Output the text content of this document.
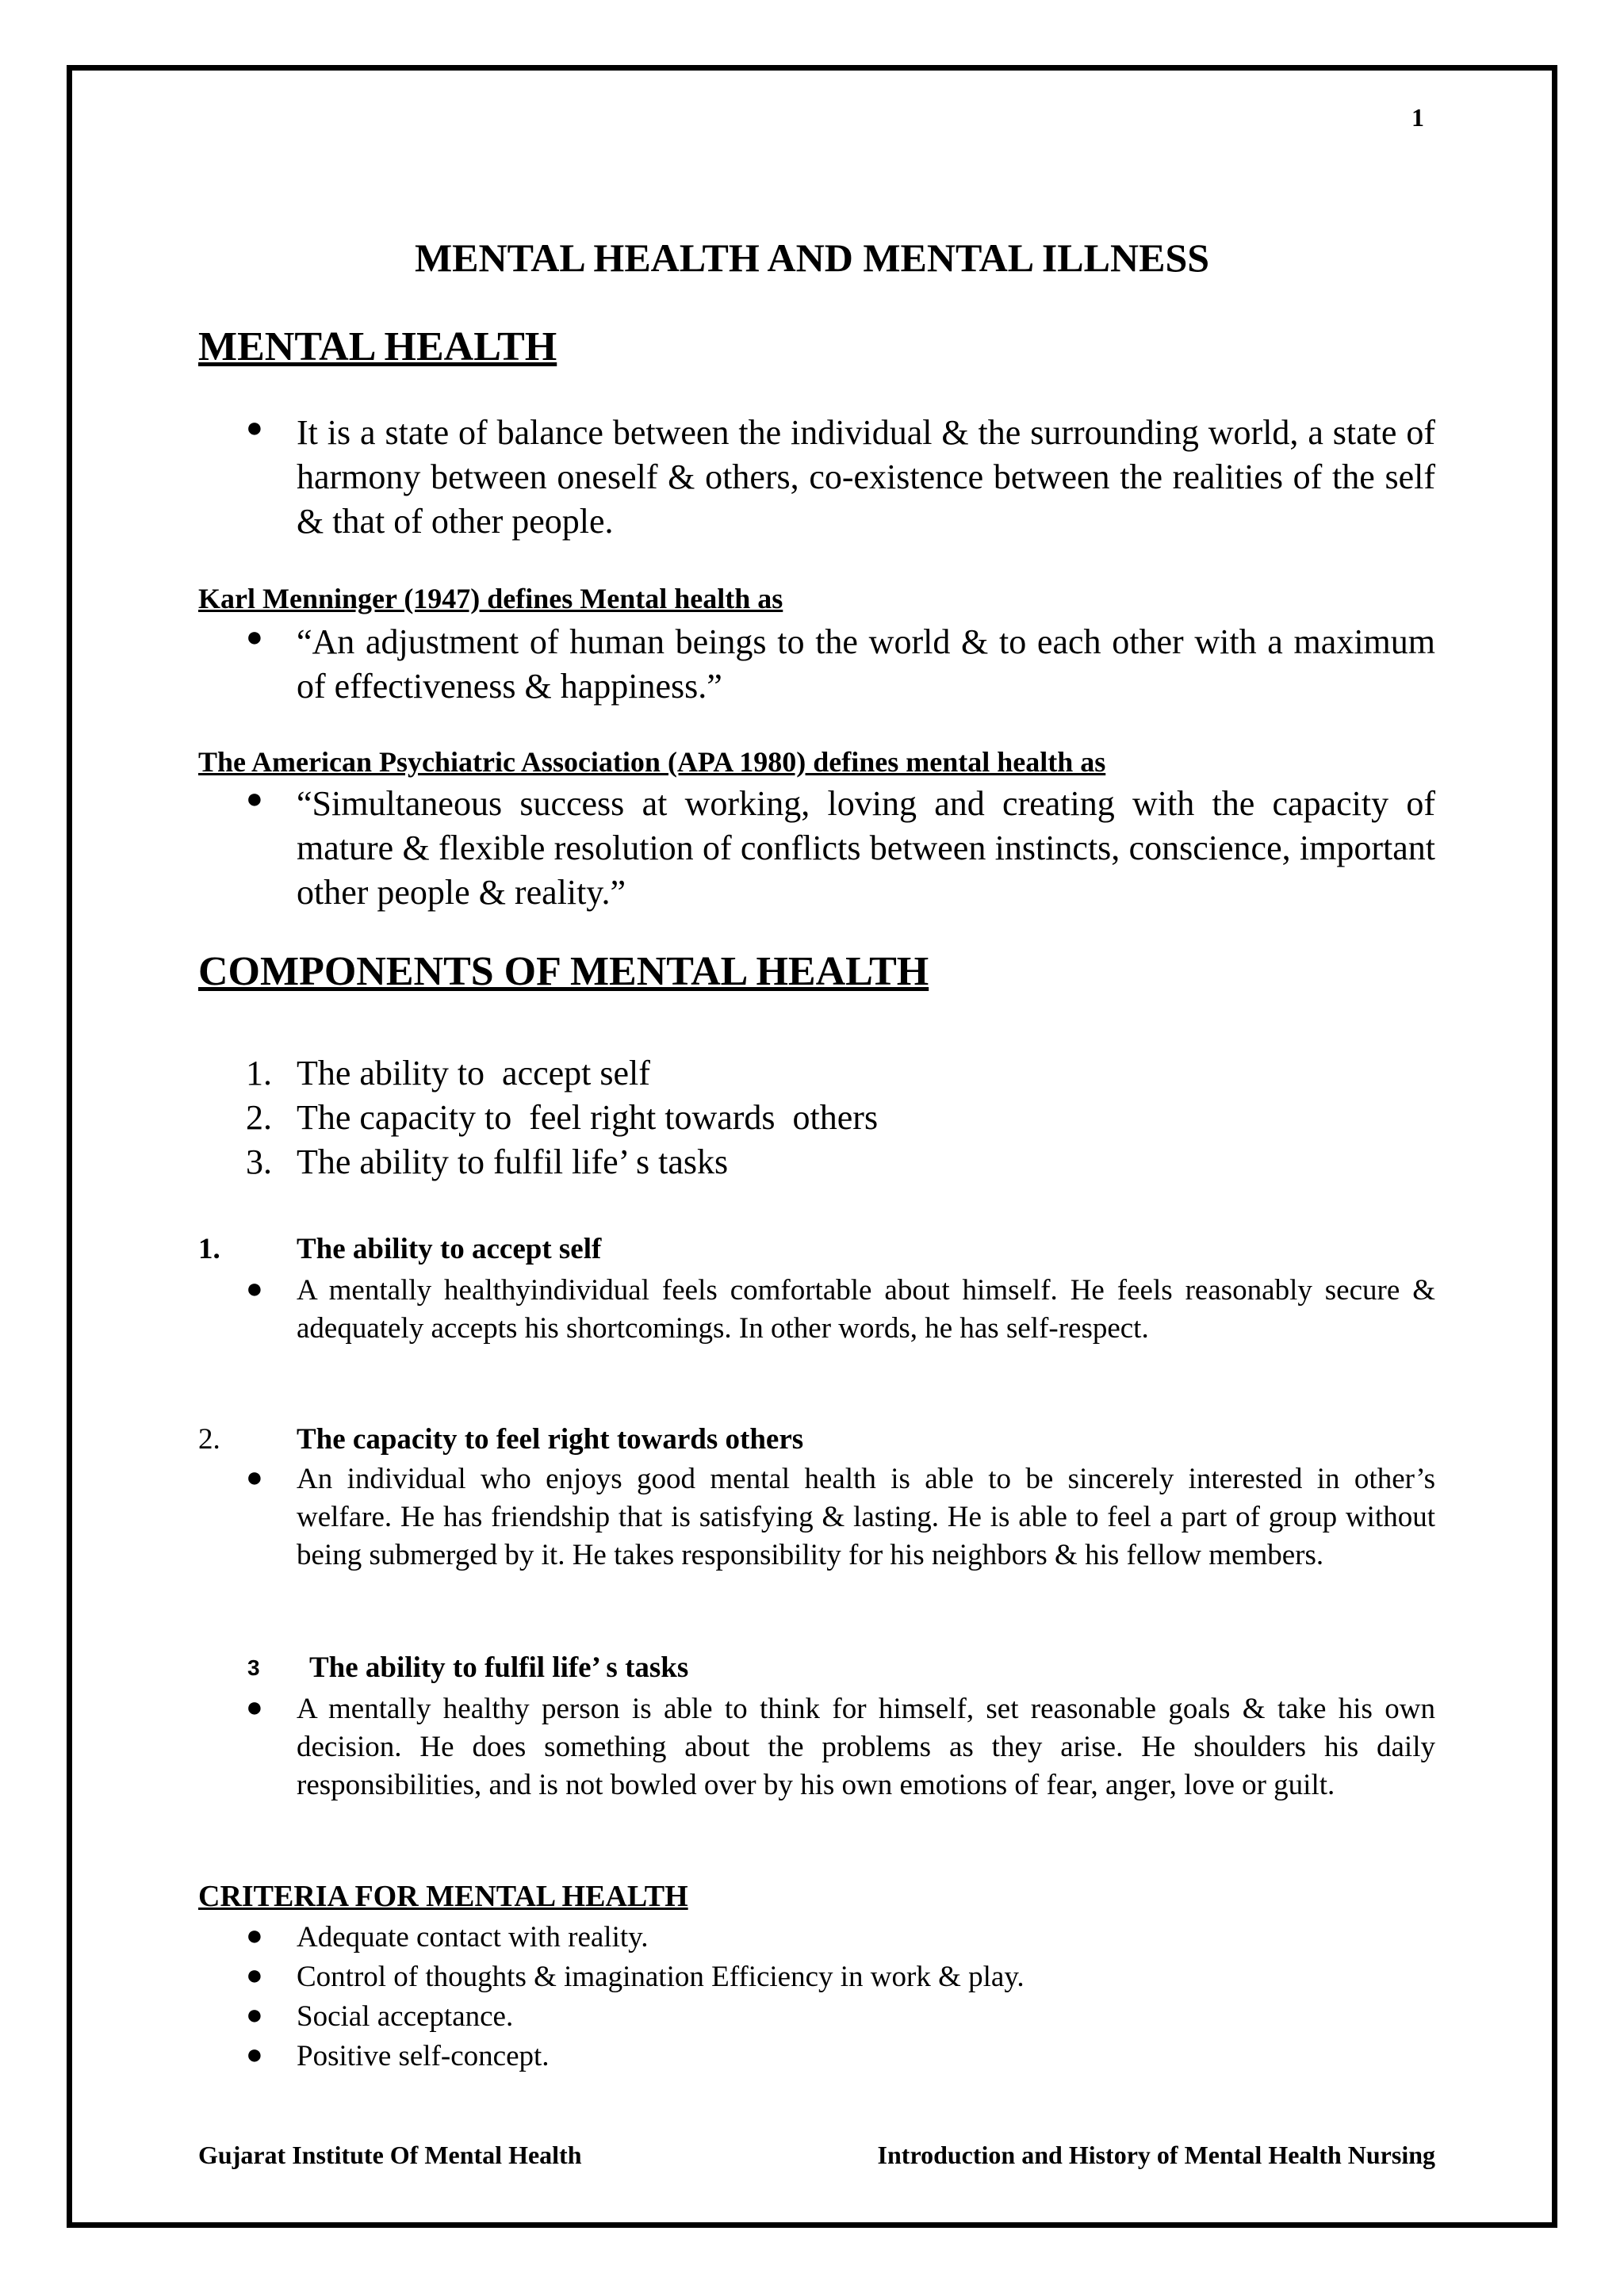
1
MENTAL HEALTH AND MENTAL ILLNESS
MENTAL HEALTH
● It is a state of balance between the individual & the surrounding world, a state of harmony between oneself & others, co-existence between the realities of the self & that of other people.
Karl Menninger (1947) defines Mental health as
● “An adjustment of human beings to the world & to each other with a maximum of effectiveness & happiness.”
The American Psychiatric Association (APA 1980) defines mental health as
● “Simultaneous success at working, loving and creating with the capacity of mature & flexible resolution of conflicts between instincts, conscience, important other people & reality.”
COMPONENTS OF MENTAL HEALTH
1. The ability to  accept self
2. The capacity to  feel right towards  others
3. The ability to fulfil life’ s tasks
1.	The ability to accept self
● A mentally healthyindividual feels comfortable about himself. He feels reasonably secure & adequately accepts his shortcomings. In other words, he has self-respect.
2.	The capacity to feel right towards others
● An individual who enjoys good mental health is able to be sincerely interested in other’s welfare. He has friendship that is satisfying & lasting. He is able to feel a part of group without being submerged by it. He takes responsibility for his neighbors & his fellow members.
3 The ability to fulfil life’ s tasks
● A mentally healthy person is able to think for himself, set reasonable goals & take his own decision. He does something about the problems as they arise. He shoulders his daily responsibilities, and is not bowled over by his own emotions of fear, anger, love or guilt.
CRITERIA FOR MENTAL HEALTH
● Adequate contact with reality.
● Control of thoughts & imagination Efficiency in work & play.
● Social acceptance.
● Positive self-concept.
Gujarat Institute Of Mental Health	Introduction and History of Mental Health Nursing
